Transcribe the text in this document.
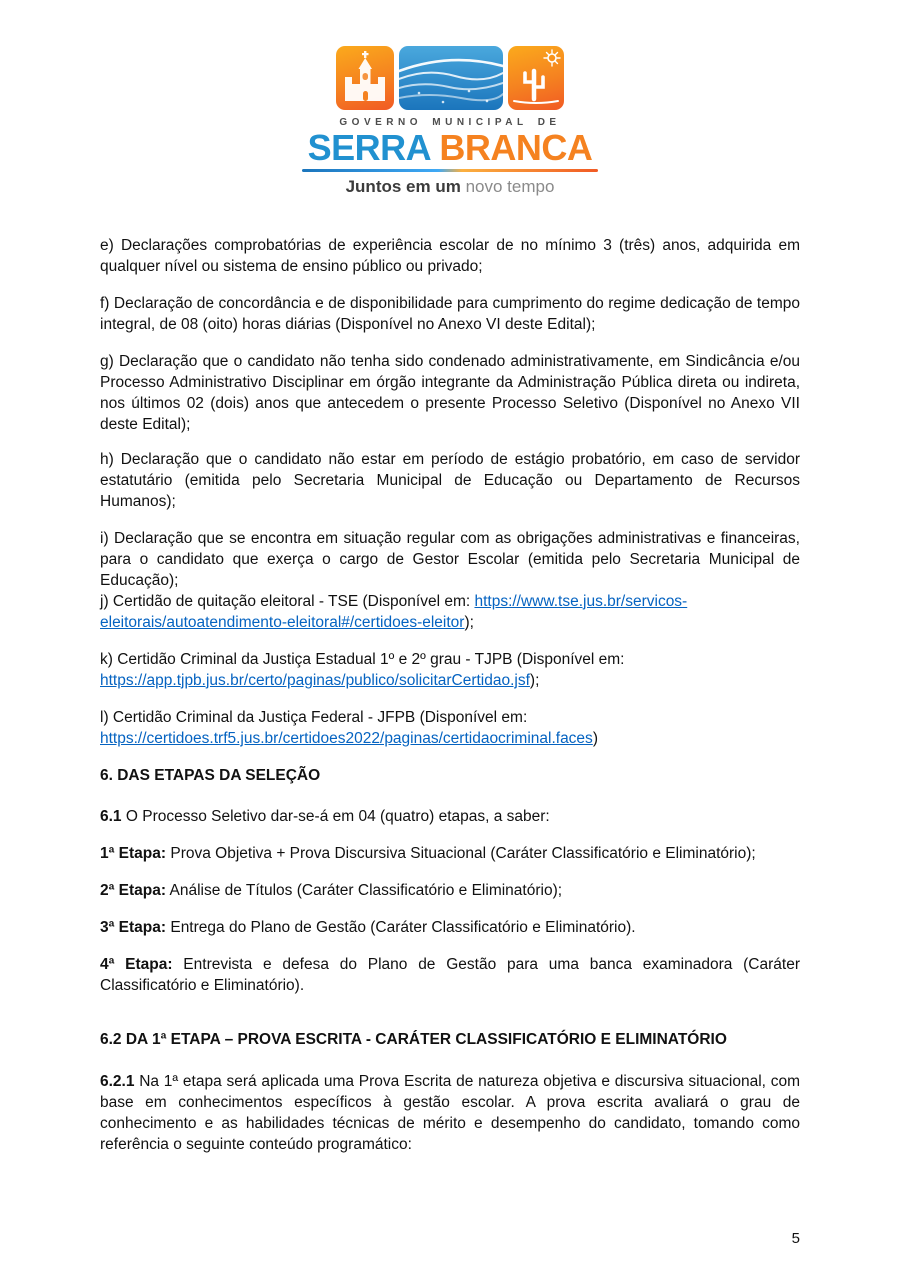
GOVERNO MUNICIPAL DE
SERRA BRANCA
Juntos em um novo tempo

e) Declarações comprobatórias de experiência escolar de no mínimo 3 (três) anos, adquirida em qualquer nível ou sistema de ensino público ou privado;

f) Declaração de concordância e de disponibilidade para cumprimento do regime dedicação de tempo integral, de 08 (oito) horas diárias (Disponível no Anexo VI deste Edital);

g) Declaração que o candidato não tenha sido condenado administrativamente, em Sindicância e/ou Processo Administrativo Disciplinar em órgão integrante da Administração Pública direta ou indireta, nos últimos 02 (dois) anos que antecedem o presente Processo Seletivo (Disponível no Anexo VII deste Edital);

h) Declaração que o candidato não estar em período de estágio probatório, em caso de servidor estatutário (emitida pelo Secretaria Municipal de Educação ou Departamento de Recursos Humanos);

i) Declaração que se encontra em situação regular com as obrigações administrativas e financeiras, para o candidato que exerça o cargo de Gestor Escolar (emitida pelo Secretaria Municipal de Educação);

j) Certidão de quitação eleitoral - TSE (Disponível em: https://www.tse.jus.br/servicos-eleitorais/autoatendimento-eleitoral#/certidoes-eleitor);

k) Certidão Criminal da Justiça Estadual 1º e 2º grau - TJPB (Disponível em: https://app.tjpb.jus.br/certo/paginas/publico/solicitarCertidao.jsf);

l) Certidão Criminal da Justiça Federal - JFPB (Disponível em: https://certidoes.trf5.jus.br/certidoes2022/paginas/certidaocriminal.faces)

6. DAS ETAPAS DA SELEÇÃO

6.1 O Processo Seletivo dar-se-á em 04 (quatro) etapas, a saber:

1ª Etapa: Prova Objetiva + Prova Discursiva Situacional (Caráter Classificatório e Eliminatório);

2ª Etapa: Análise de Títulos (Caráter Classificatório e Eliminatório);

3ª Etapa: Entrega do Plano de Gestão (Caráter Classificatório e Eliminatório).

4ª Etapa: Entrevista e defesa do Plano de Gestão para uma banca examinadora (Caráter Classificatório e Eliminatório).

6.2 DA 1ª ETAPA – PROVA ESCRITA - CARÁTER CLASSIFICATÓRIO E ELIMINATÓRIO

6.2.1 Na 1ª etapa será aplicada uma Prova Escrita de natureza objetiva e discursiva situacional, com base em conhecimentos específicos à gestão escolar. A prova escrita avaliará o grau de conhecimento e as habilidades técnicas de mérito e desempenho do candidato, tomando como referência o seguinte conteúdo programático:

5
